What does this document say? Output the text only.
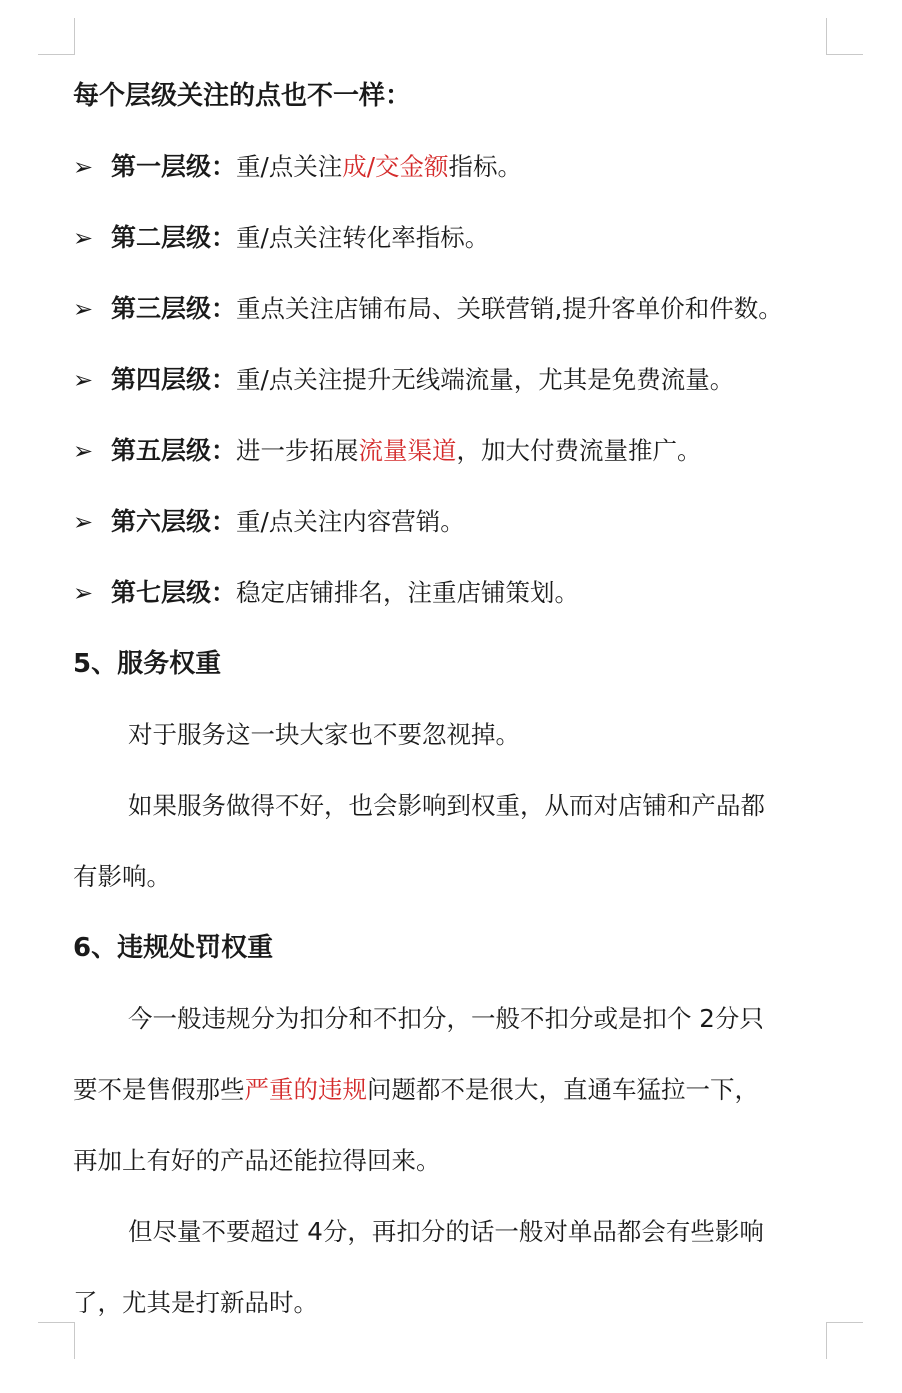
每个层级关注的点也不一样：
➢ 第一层级： 重/点关注 成/交金额 指标。
➢ 第二层级： 重/点关注转化率指标。
➢ 第三层级： 重点关注店铺布局、关联营销,提升客单价和件数。
➢ 第四层级： 重/点关注提升无线端流量，尤其是免费流量。
➢ 第五层级： 进一步拓展 流量渠道 ，加大付费流量推广。
➢ 第六层级： 重/点关注内容营销。
➢ 第七层级： 稳定店铺排名，注重店铺策划。
5、服务权重
对于服务这一块大家也不要忽视掉。
如果服务做得不好，也会影响到权重，从而对店铺和产品都
有影响。
6、违规处罚权重
今一般违规分为扣分和不扣分，一般不扣分或是扣个 2分只
要不是售假那些严重的违规问题都不是很大，直通车猛拉一下，
再加上有好的产品还能拉得回来。
但尽量不要超过 4分，再扣分的话一般对单品都会有些影响
了，尤其是打新品时。
